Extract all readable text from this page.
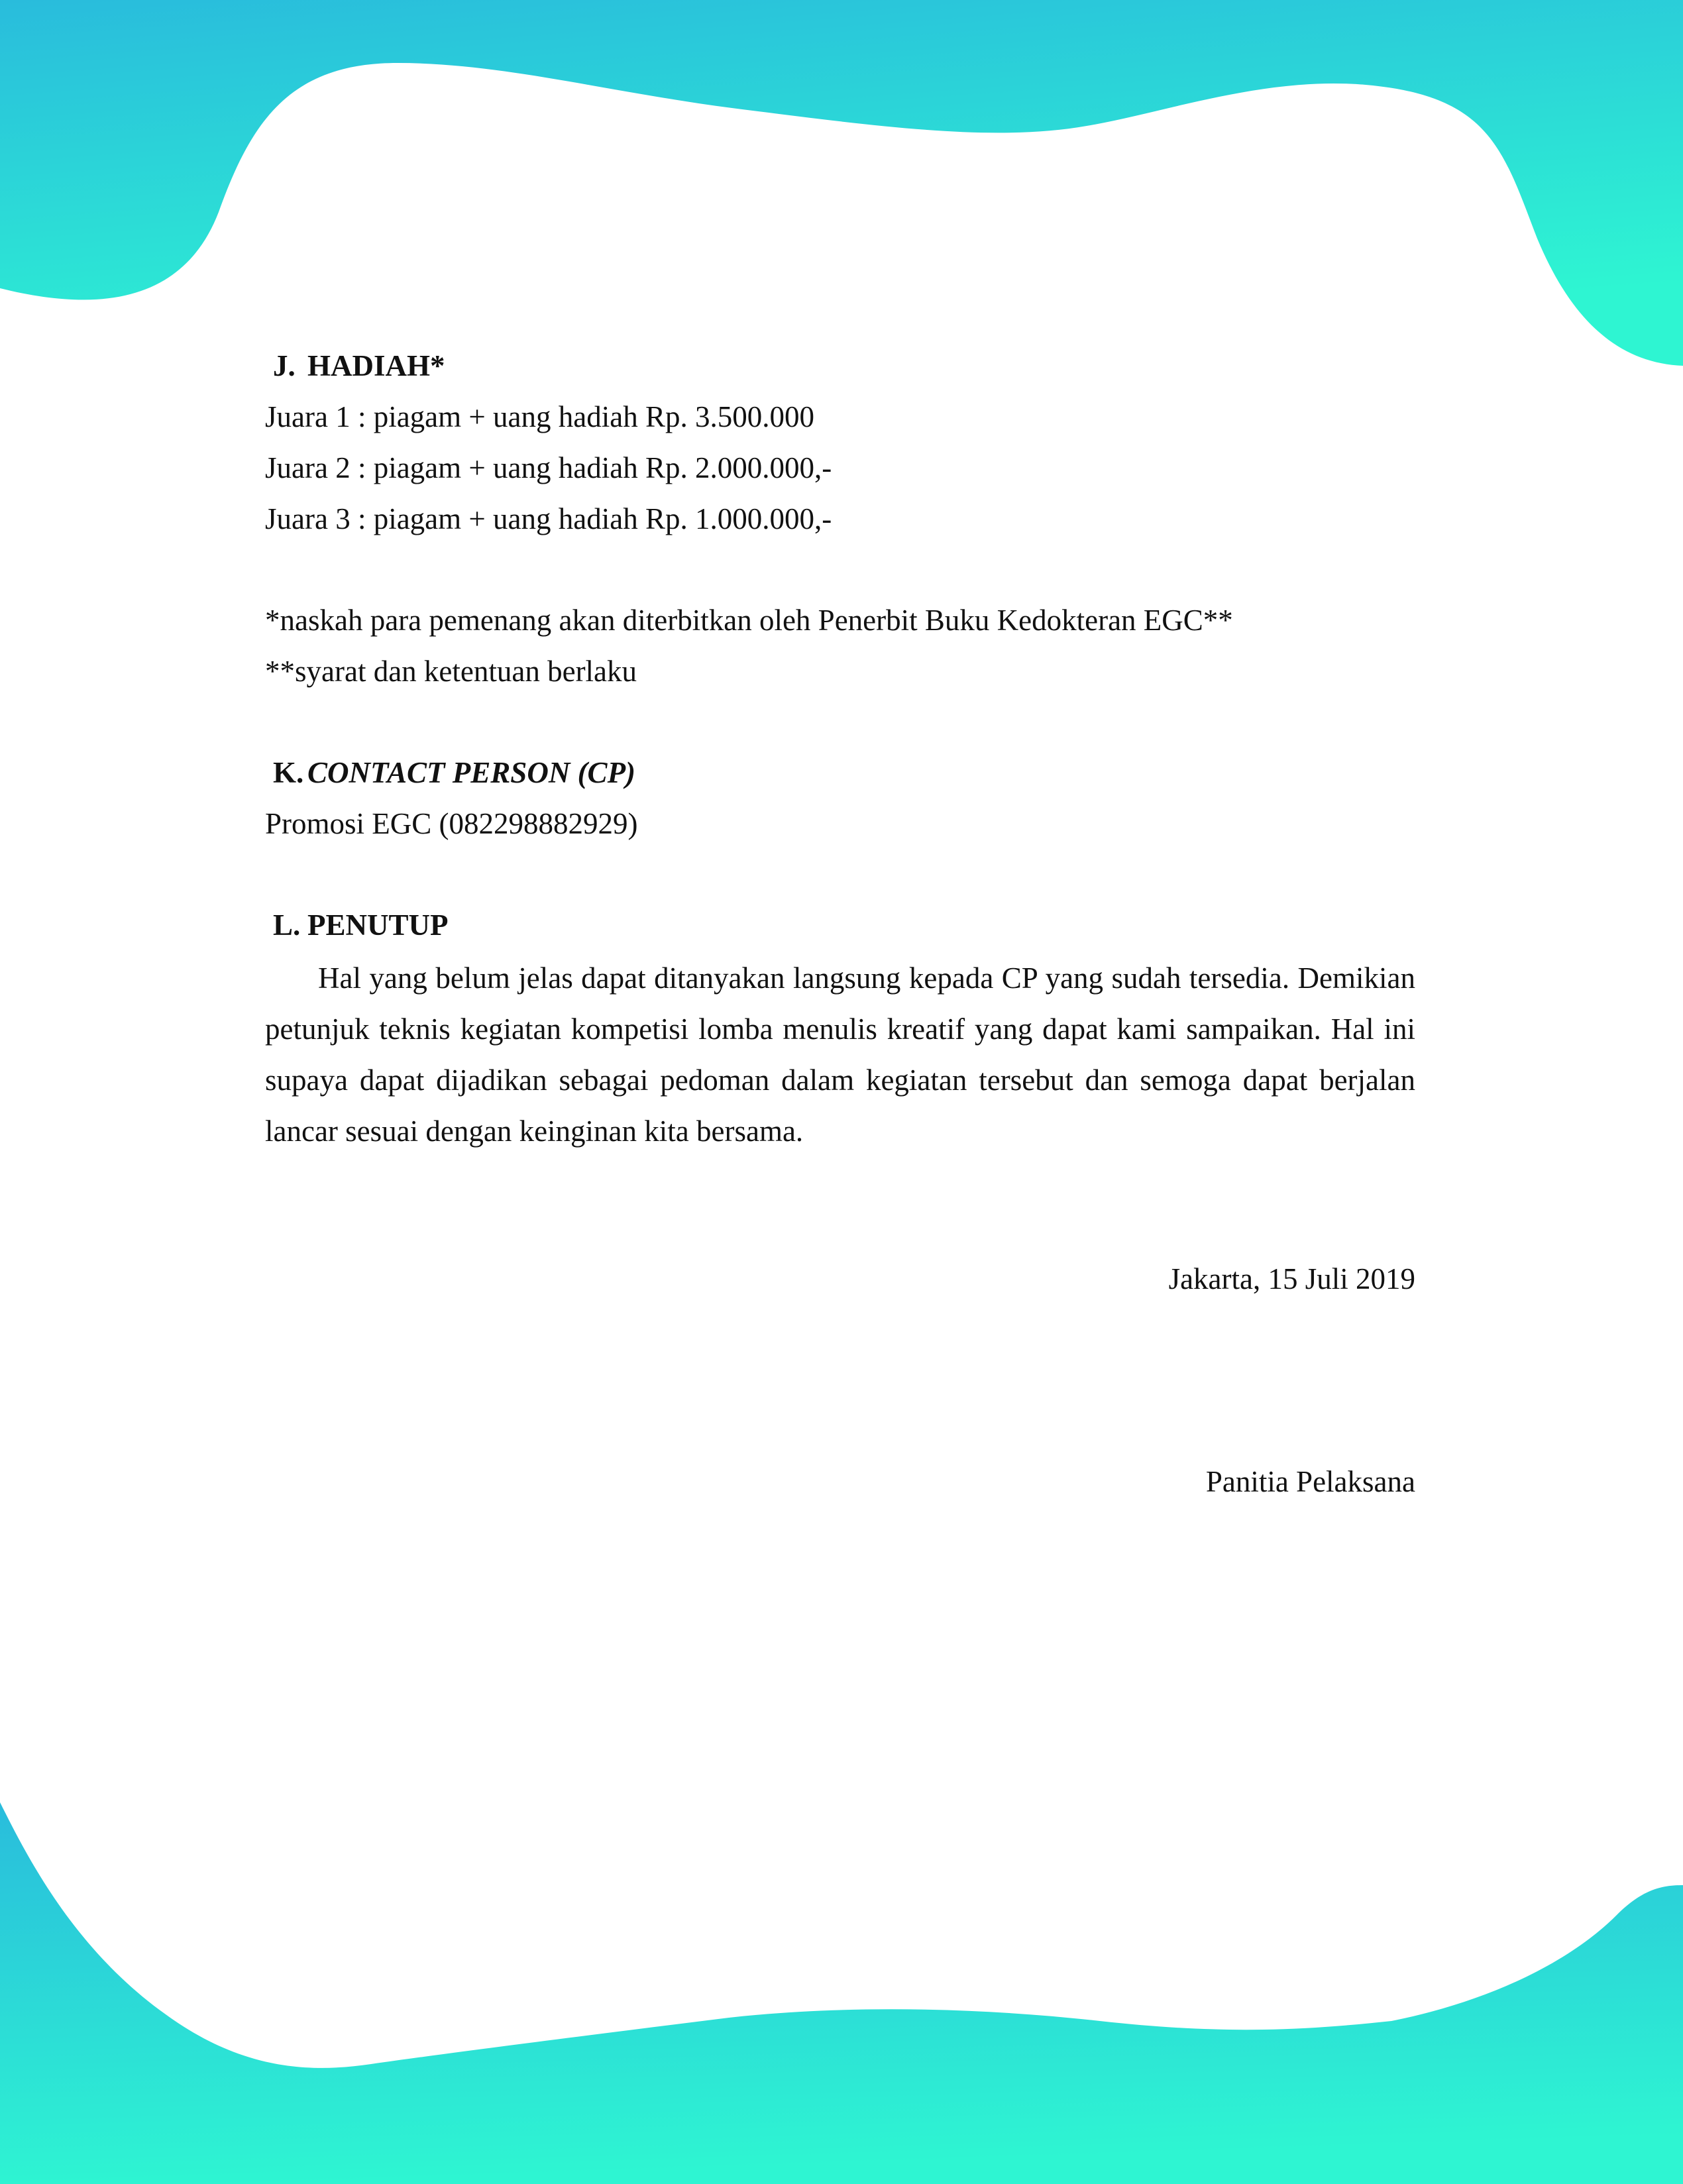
J. HADIAH*
Juara 1 : piagam + uang hadiah Rp. 3.500.000
Juara 2 : piagam + uang hadiah Rp. 2.000.000,-
Juara 3 : piagam + uang hadiah Rp. 1.000.000,-
*naskah para pemenang akan diterbitkan oleh Penerbit Buku Kedokteran EGC**
**syarat dan ketentuan berlaku
K. CONTACT PERSON (CP)
Promosi EGC (082298882929)
L. PENUTUP
Hal yang belum jelas dapat ditanyakan langsung kepada CP yang sudah tersedia. Demikian petunjuk teknis kegiatan kompetisi lomba menulis kreatif yang dapat kami sampaikan. Hal ini supaya dapat dijadikan sebagai pedoman dalam kegiatan tersebut dan semoga dapat berjalan lancar sesuai dengan keinginan kita bersama.
Jakarta, 15 Juli 2019
Panitia Pelaksana
